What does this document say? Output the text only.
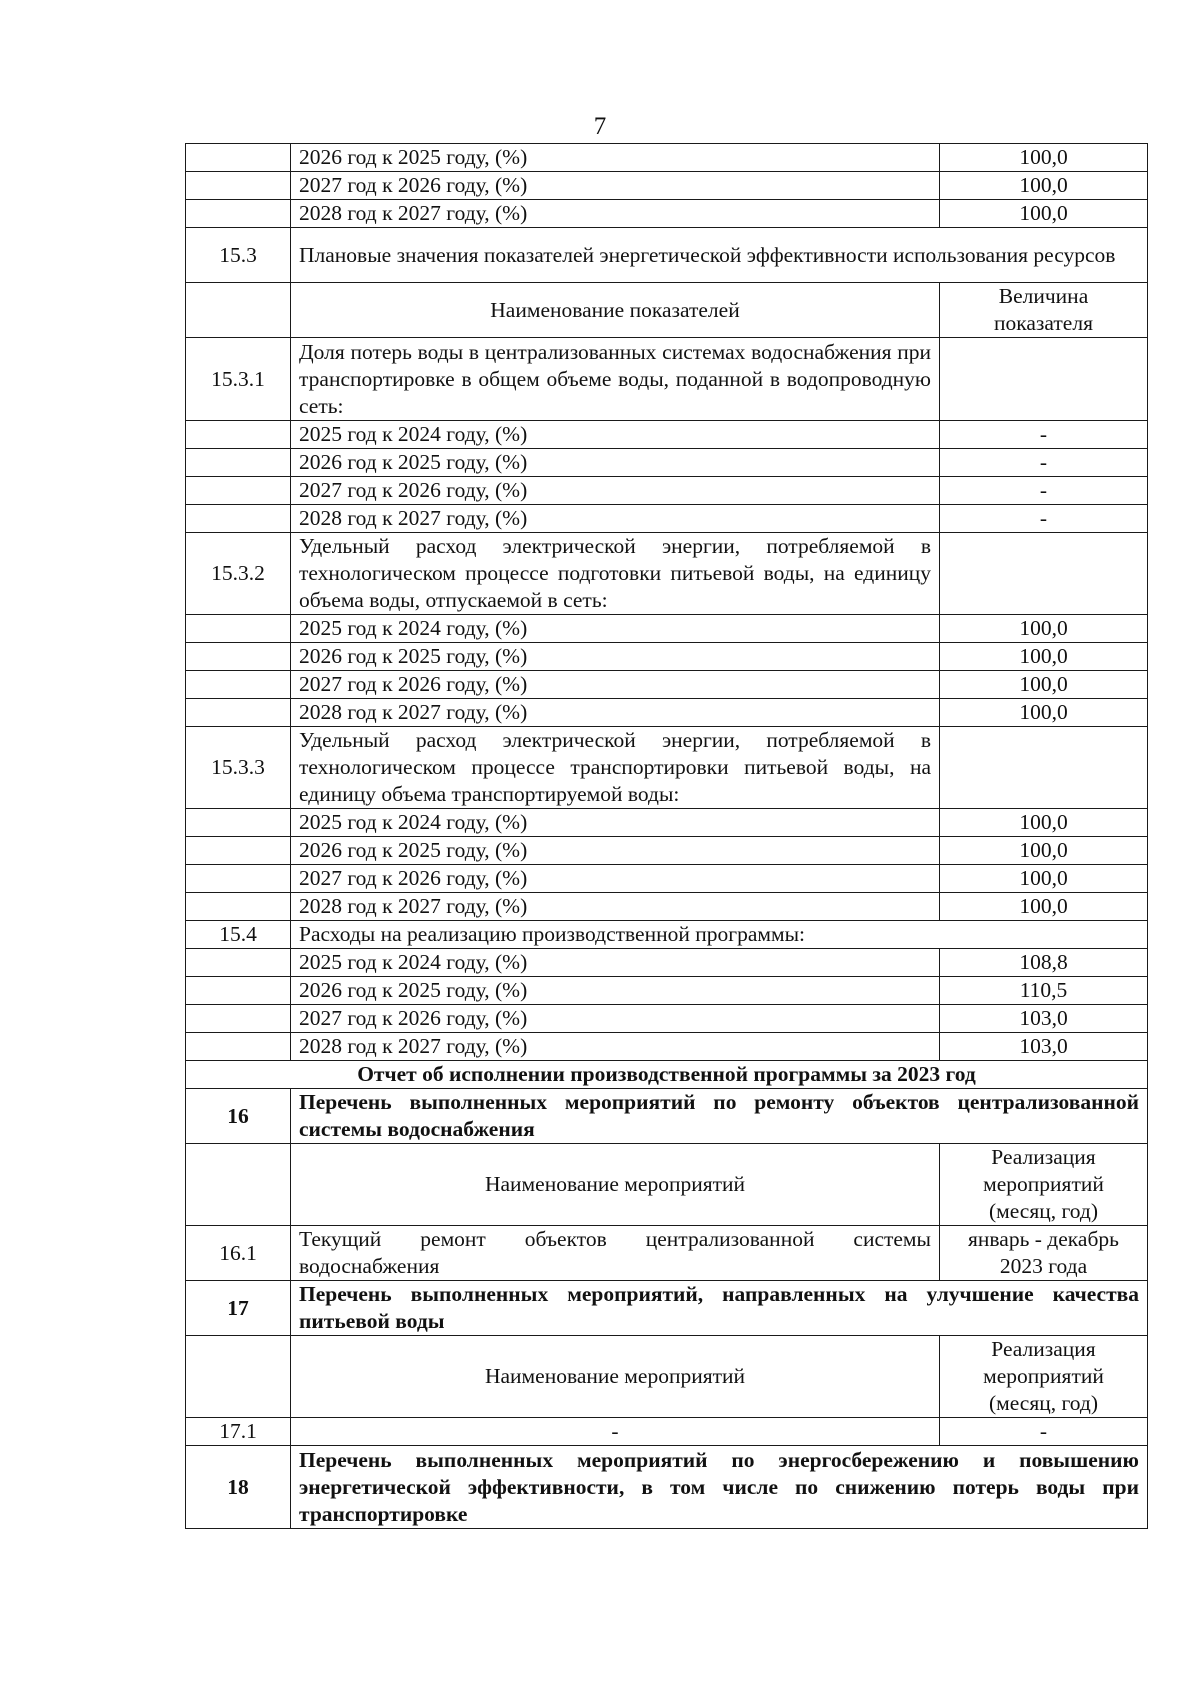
7
	2026 год к 2025 году, (%)	100,0
	2027 год к 2026 году, (%)	100,0
	2028 год к 2027 году, (%)	100,0
15.3	Плановые значения показателей энергетической эффективности использования ресурсов	
	Наименование показателей	Величина показателя
15.3.1	Доля потерь воды в централизованных системах водоснабжения при транспортировке в общем объеме воды, поданной в водопроводную сеть:	
	2025 год к 2024 году, (%)	-
	2026 год к 2025 году, (%)	-
	2027 год к 2026 году, (%)	-
	2028 год к 2027 году, (%)	-
15.3.2	Удельный расход электрической энергии, потребляемой в технологическом процессе подготовки питьевой воды, на единицу объема воды, отпускаемой в сеть:	
	2025 год к 2024 году, (%)	100,0
	2026 год к 2025 году, (%)	100,0
	2027 год к 2026 году, (%)	100,0
	2028 год к 2027 году, (%)	100,0
15.3.3	Удельный расход электрической энергии, потребляемой в технологическом процессе транспортировки питьевой воды, на единицу объема транспортируемой воды:	
	2025 год к 2024 году, (%)	100,0
	2026 год к 2025 году, (%)	100,0
	2027 год к 2026 году, (%)	100,0
	2028 год к 2027 году, (%)	100,0
15.4	Расходы на реализацию производственной программы:	
	2025 год к 2024 году, (%)	108,8
	2026 год к 2025 году, (%)	110,5
	2027 год к 2026 году, (%)	103,0
	2028 год к 2027 году, (%)	103,0
Отчет об исполнении производственной программы за 2023 год		
16	Перечень выполненных мероприятий по ремонту объектов централизованной системы водоснабжения	
	Наименование мероприятий	Реализация мероприятий (месяц, год)
16.1	Текущий ремонт объектов централизованной системы водоснабжения	январь - декабрь 2023 года
17	Перечень выполненных мероприятий, направленных на улучшение качества питьевой воды	
	Наименование мероприятий	Реализация мероприятий (месяц, год)
17.1	-	-
18	Перечень выполненных мероприятий по энергосбережению и повышению энергетической эффективности, в том числе по снижению потерь воды при транспортировке	
